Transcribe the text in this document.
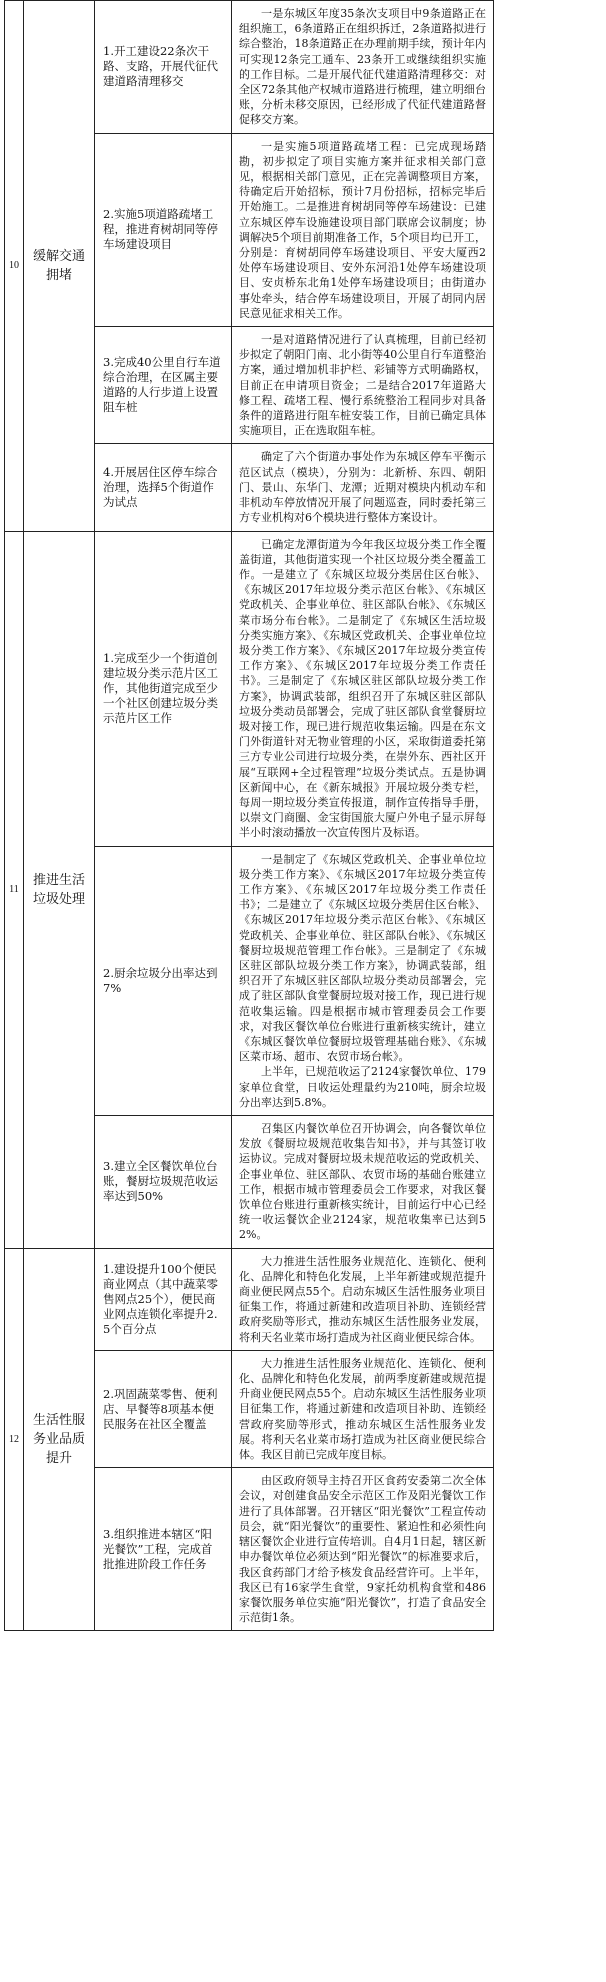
10	缓解交通拥堵	1.开工建设22条次干路、支路，开展代征代建道路清理移交	一是东城区年度35条次支项目中9条道路正在组织施工，6条道路正在组织拆迁，2条道路拟进行综合整治，18条道路正在办理前期手续，预计年内可实现12条完工通车、23条开工或继续组织实施的工作目标。二是开展代征代建道路清理移交：对全区72条其他产权城市道路进行梳理，建立明细台账，分析未移交原因，已经形成了代征代建道路督促移交方案。

		2.实施5项道路疏堵工程，推进育树胡同等停车场建设项目	一是实施5项道路疏堵工程：已完成现场踏勘，初步拟定了项目实施方案并征求相关部门意见，根据相关部门意见，正在完善调整项目方案，待确定后开始招标，预计7月份招标，招标完毕后开始施工。二是推进育树胡同等停车场建设：已建立东城区停车设施建设项目部门联席会议制度；协调解决5个项目前期准备工作，5个项目均已开工，分别是：育树胡同停车场建设项目、平安大厦西2处停车场建设项目、安外东河沿1处停车场建设项目、安贞桥东北角1处停车场建设项目；由街道办事处牵头，结合停车场建设项目，开展了胡同内居民意见征求相关工作。

		3.完成40公里自行车道综合治理，在区属主要道路的人行步道上设置阻车桩	一是对道路情况进行了认真梳理，目前已经初步拟定了朝阳门南、北小街等40公里自行车道整治方案，通过增加机非护栏、彩铺等方式明确路权，目前正在申请项目资金；二是结合2017年道路大修工程、疏堵工程、慢行系统整治工程同步对具备条件的道路进行阻车桩安装工作，目前已确定具体实施项目，正在选取阻车桩。

		4.开展居住区停车综合治理，选择5个街道作为试点	确定了六个街道办事处作为东城区停车平衡示范区试点（模块），分别为：北新桥、东四、朝阳门、景山、东华门、龙潭；近期对模块内机动车和非机动车停放情况开展了问题巡查，同时委托第三方专业机构对6个模块进行整体方案设计。

11	推进生活垃圾处理	1.完成至少一个街道创建垃圾分类示范片区工作，其他街道完成至少一个社区创建垃圾分类示范片区工作	已确定龙潭街道为今年我区垃圾分类工作全覆盖街道，其他街道实现一个社区垃圾分类全覆盖工作。一是建立了《东城区垃圾分类居住区台帐》、《东城区2017年垃圾分类示范区台帐》、《东城区党政机关、企事业单位、驻区部队台帐》、《东城区菜市场分布台帐》。二是制定了《东城区生活垃圾分类实施方案》、《东城区党政机关、企事业单位垃圾分类工作方案》、《东城区2017年垃圾分类宣传工作方案》、《东城区2017年垃圾分类工作责任书》。三是制定了《东城区驻区部队垃圾分类工作方案》，协调武装部，组织召开了东城区驻区部队垃圾分类动员部署会，完成了驻区部队食堂餐厨垃圾对接工作，现已进行规范收集运输。四是在东文门外街道针对无物业管理的小区，采取街道委托第三方专业公司进行垃圾分类，在崇外东、西社区开展“互联网+全过程管理”垃圾分类试点。五是协调区新闻中心，在《新东城报》开展垃圾分类专栏，每周一期垃圾分类宣传报道，制作宣传指导手册，以崇文门商圈、金宝街国旅大厦户外电子显示屏每半小时滚动播放一次宣传图片及标语。

		2.厨余垃圾分出率达到7%	一是制定了《东城区党政机关、企事业单位垃圾分类工作方案》、《东城区2017年垃圾分类宣传工作方案》、《东城区2017年垃圾分类工作责任书》；二是建立了《东城区垃圾分类居住区台帐》、《东城区2017年垃圾分类示范区台帐》、《东城区党政机关、企事业单位、驻区部队台帐》、《东城区餐厨垃圾规范管理工作台帐》。三是制定了《东城区驻区部队垃圾分类工作方案》，协调武装部，组织召开了东城区驻区部队垃圾分类动员部署会，完成了驻区部队食堂餐厨垃圾对接工作，现已进行规范收集运输。四是根据市城市管理委员会工作要求，对我区餐饮单位台账进行重新核实统计，建立《东城区餐饮单位餐厨垃圾管理基础台账》、《东城区菜市场、超市、农贸市场台帐》。

上半年，已规范收运了2124家餐饮单位、179家单位食堂，日收运处理量约为210吨，厨余垃圾分出率达到5.8%。

		3.建立全区餐饮单位台账，餐厨垃圾规范收运率达到50%	召集区内餐饮单位召开协调会，向各餐饮单位发放《餐厨垃圾规范收集告知书》，并与其签订收运协议。完成对餐厨垃圾未规范收运的党政机关、企事业单位、驻区部队、农贸市场的基础台账建立工作，根据市城市管理委员会工作要求，对我区餐饮单位台账进行重新核实统计，目前运行中心已经统一收运餐饮企业2124家，规范收集率已达到52%。

12	生活性服务业品质提升	1.建设提升100个便民商业网点（其中蔬菜零售网点25个），便民商业网点连锁化率提升2.5个百分点	大力推进生活性服务业规范化、连锁化、便利化、品牌化和特色化发展，上半年新建或规范提升商业便民网点55个。启动东城区生活性服务业项目征集工作，将通过新建和改造项目补助、连锁经营政府奖励等形式，推动东城区生活性服务业发展，将利天名业菜市场打造成为社区商业便民综合体。

		2.巩固蔬菜零售、便利店、早餐等8项基本便民服务在社区全覆盖	大力推进生活性服务业规范化、连锁化、便利化、品牌化和特色化发展，前两季度新建或规范提升商业便民网点55个。启动东城区生活性服务业项目征集工作，将通过新建和改造项目补助、连锁经营政府奖励等形式，推动东城区生活性服务业发展。将利天名业菜市场打造成为社区商业便民综合体。我区目前已完成年度目标。

		3.组织推进本辖区“阳光餐饮”工程，完成首批推进阶段工作任务	由区政府领导主持召开区食药安委第二次全体会议，对创建食品安全示范区工作及阳光餐饮工作进行了具体部署。召开辖区“阳光餐饮”工程宣传动员会，就“阳光餐饮”的重要性、紧迫性和必须性向辖区餐饮企业进行宣传培训。自4月1日起，辖区新申办餐饮单位必须达到“阳光餐饮”的标准要求后，我区食药部门才给予核发食品经营许可。上半年，我区已有16家学生食堂，9家托幼机构食堂和486家餐饮服务单位实施“阳光餐饮”，打造了食品安全示范街1条。
